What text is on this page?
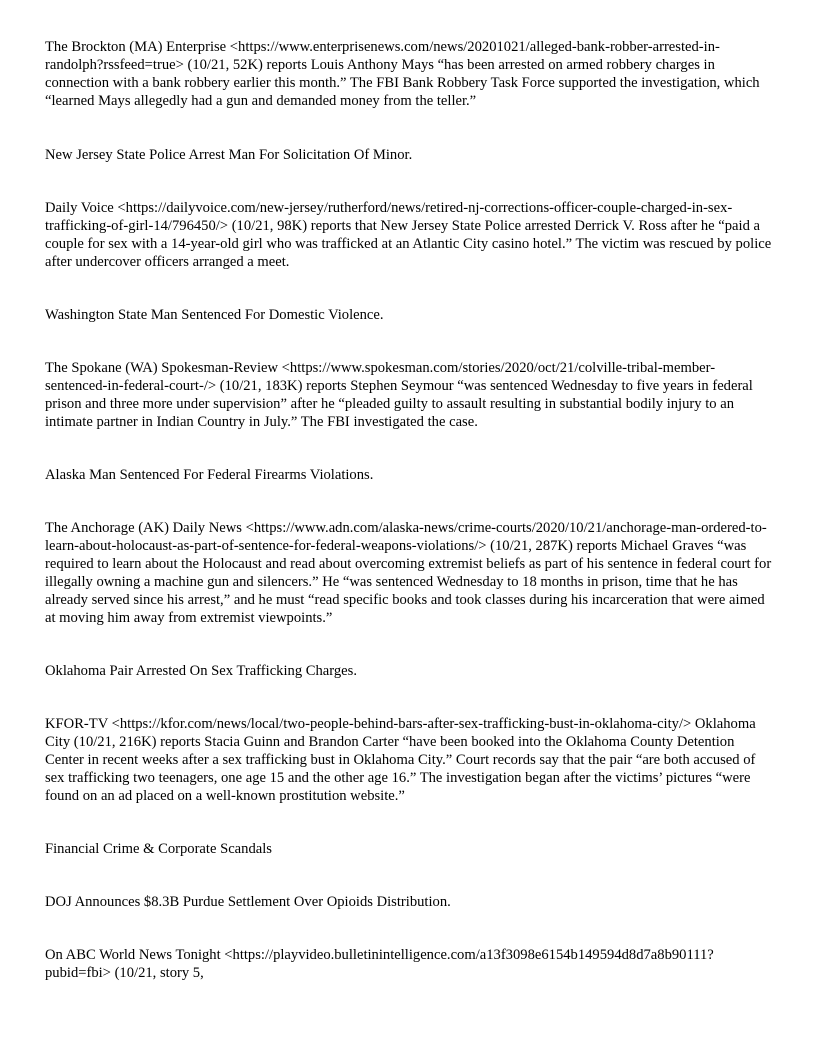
The Brockton (MA) Enterprise <https://www.enterprisenews.com/news/20201021/alleged-bank-robber-arrested-in-randolph?rssfeed=true> (10/21, 52K) reports Louis Anthony Mays “has been arrested on armed robbery charges in connection with a bank robbery earlier this month.” The FBI Bank Robbery Task Force supported the investigation, which “learned Mays allegedly had a gun and demanded money from the teller.”

New Jersey State Police Arrest Man For Solicitation Of Minor.

Daily Voice <https://dailyvoice.com/new-jersey/rutherford/news/retired-nj-corrections-officer-couple-charged-in-sex-trafficking-of-girl-14/796450/> (10/21, 98K) reports that New Jersey State Police arrested Derrick V. Ross after he “paid a couple for sex with a 14-year-old girl who was trafficked at an Atlantic City casino hotel.” The victim was rescued by police after undercover officers arranged a meet.

Washington State Man Sentenced For Domestic Violence.

The Spokane (WA) Spokesman-Review <https://www.spokesman.com/stories/2020/oct/21/colville-tribal-member-sentenced-in-federal-court-/> (10/21, 183K) reports Stephen Seymour “was sentenced Wednesday to five years in federal prison and three more under supervision” after he “pleaded guilty to assault resulting in substantial bodily injury to an intimate partner in Indian Country in July.” The FBI investigated the case.

Alaska Man Sentenced For Federal Firearms Violations.

The Anchorage (AK) Daily News <https://www.adn.com/alaska-news/crime-courts/2020/10/21/anchorage-man-ordered-to-learn-about-holocaust-as-part-of-sentence-for-federal-weapons-violations/> (10/21, 287K) reports Michael Graves “was required to learn about the Holocaust and read about overcoming extremist beliefs as part of his sentence in federal court for illegally owning a machine gun and silencers.” He “was sentenced Wednesday to 18 months in prison, time that he has already served since his arrest,” and he must “read specific books and took classes during his incarceration that were aimed at moving him away from extremist viewpoints.”

Oklahoma Pair Arrested On Sex Trafficking Charges.

KFOR-TV <https://kfor.com/news/local/two-people-behind-bars-after-sex-trafficking-bust-in-oklahoma-city/> Oklahoma City (10/21, 216K) reports Stacia Guinn and Brandon Carter “have been booked into the Oklahoma County Detention Center in recent weeks after a sex trafficking bust in Oklahoma City.” Court records say that the pair “are both accused of sex trafficking two teenagers, one age 15 and the other age 16.” The investigation began after the victims’ pictures “were found on an ad placed on a well-known prostitution website.”

Financial Crime & Corporate Scandals

DOJ Announces $8.3B Purdue Settlement Over Opioids Distribution.

On ABC World News Tonight <https://playvideo.bulletinintelligence.com/a13f3098e6154b149594d8d7a8b90111?pubid=fbi> (10/21, story 5,
